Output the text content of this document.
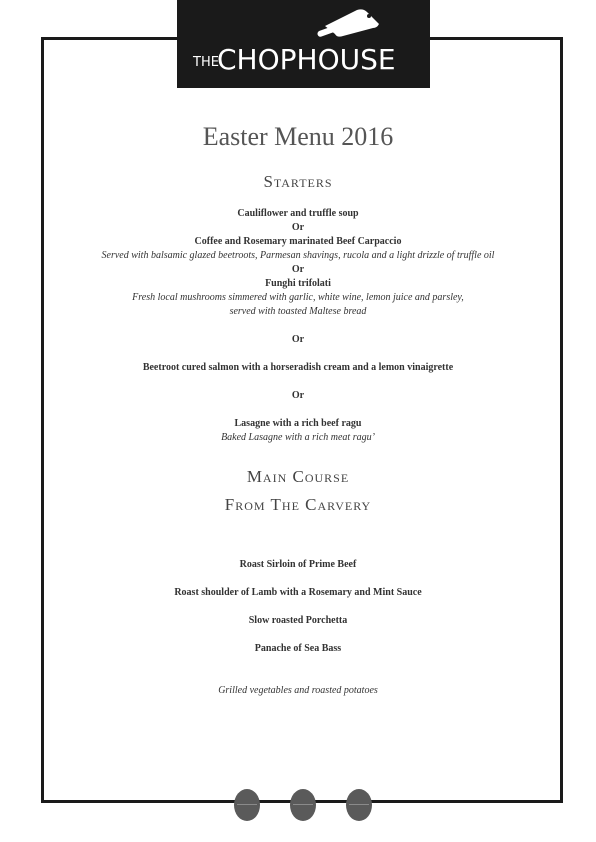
THE
CHOPHOUSE
Easter Menu 2016
Starters
Cauliflower and truffle soup
Or
Coffee and Rosemary marinated Beef Carpaccio
Served with balsamic glazed beetroots, Parmesan shavings, rucola and a light drizzle of truffle oil
Or
Funghi trifolati
Fresh local mushrooms simmered with garlic, white wine, lemon juice and parsley,
served with toasted Maltese bread
Or
Beetroot cured salmon with a horseradish cream and a lemon vinaigrette
Or
Lasagne with a rich beef ragu
Baked Lasagne with a rich meat ragu’
Main Course
From The Carvery
Roast Sirloin of Prime Beef
Roast shoulder of Lamb with a Rosemary and Mint Sauce
Slow roasted Porchetta
Panache of Sea Bass
Grilled vegetables and roasted potatoes
